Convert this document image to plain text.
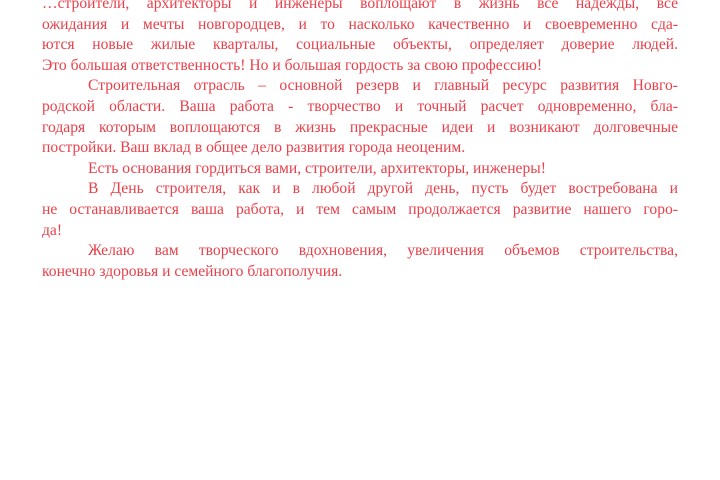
…строители, архитекторы и инженеры воплощают в жизнь все надежды, все
ожидания и мечты новгородцев, и то насколько качественно и своевременно сда-
ются новые жилые кварталы, социальные объекты, определяет доверие людей.
Это большая ответственность! Но и большая гордость за свою профессию!
Строительная отрасль – основной резерв и главный ресурс развития Новго-
родской области. Ваша работа - творчество и точный расчет одновременно, бла-
годаря которым воплощаются в жизнь прекрасные идеи и возникают долговечные
постройки. Ваш вклад в общее дело развития города неоценим.
Есть основания гордиться вами, строители, архитекторы, инженеры!
В День строителя, как и в любой другой день, пусть будет востребована и
не останавливается ваша работа, и тем самым продолжается развитие нашего горо-
да!
Желаю вам творческого вдохновения, увеличения объемов строительства,
конечно здоровья и семейного благополучия.
